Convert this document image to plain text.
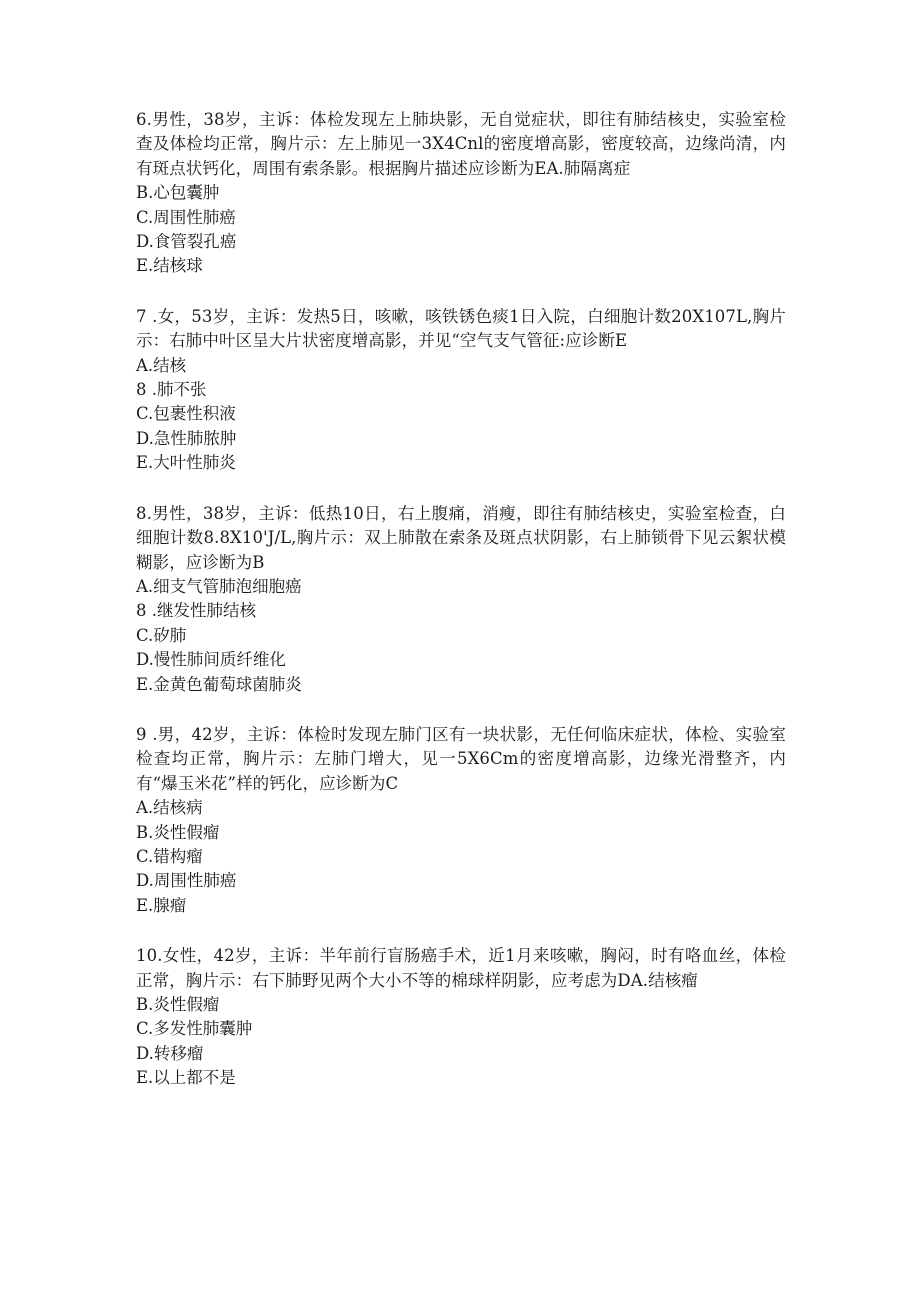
6.男性，38岁，主诉：体检发现左上肺块影，无自觉症状，即往有肺结核史，实验室检查及体检均正常，胸片示：左上肺见一3X4Cnl的密度增高影，密度较高，边缘尚清，内有斑点状钙化，周围有索条影。根据胸片描述应诊断为EA.肺隔离症

B.心包囊肿
C.周围性肺癌
D.食管裂孔癌
E.结核球

7 .女，53岁，主诉：发热5日，咳嗽，咳铁锈色痰1日入院，白细胞计数20X107L,胸片示：右肺中叶区呈大片状密度增高影，并见“空气支气管征:应诊断E

A.结核
8 .肺不张
C.包裹性积液
D.急性肺脓肿
E.大叶性肺炎

8.男性，38岁，主诉：低热10日，右上腹痛，消瘦，即往有肺结核史，实验室检查，白细胞计数8.8X10'J/L,胸片示：双上肺散在索条及斑点状阴影，右上肺锁骨下见云絮状模糊影，应诊断为B

A.细支气管肺泡细胞癌
8 .继发性肺结核
C.矽肺
D.慢性肺间质纤维化
E.金黄色葡萄球菌肺炎

9 .男，42岁，主诉：体检时发现左肺门区有一块状影，无任何临床症状，体检、实验室检查均正常，胸片示：左肺门增大，见一5X6Cm的密度增高影，边缘光滑整齐，内有“爆玉米花”样的钙化，应诊断为C

A.结核病
B.炎性假瘤
C.错构瘤
D.周围性肺癌
E.腺瘤

10.女性，42岁，主诉：半年前行盲肠癌手术，近1月来咳嗽，胸闷，时有咯血丝，体检正常，胸片示：右下肺野见两个大小不等的棉球样阴影，应考虑为DA.结核瘤

B.炎性假瘤
C.多发性肺囊肿
D.转移瘤
E.以上都不是
